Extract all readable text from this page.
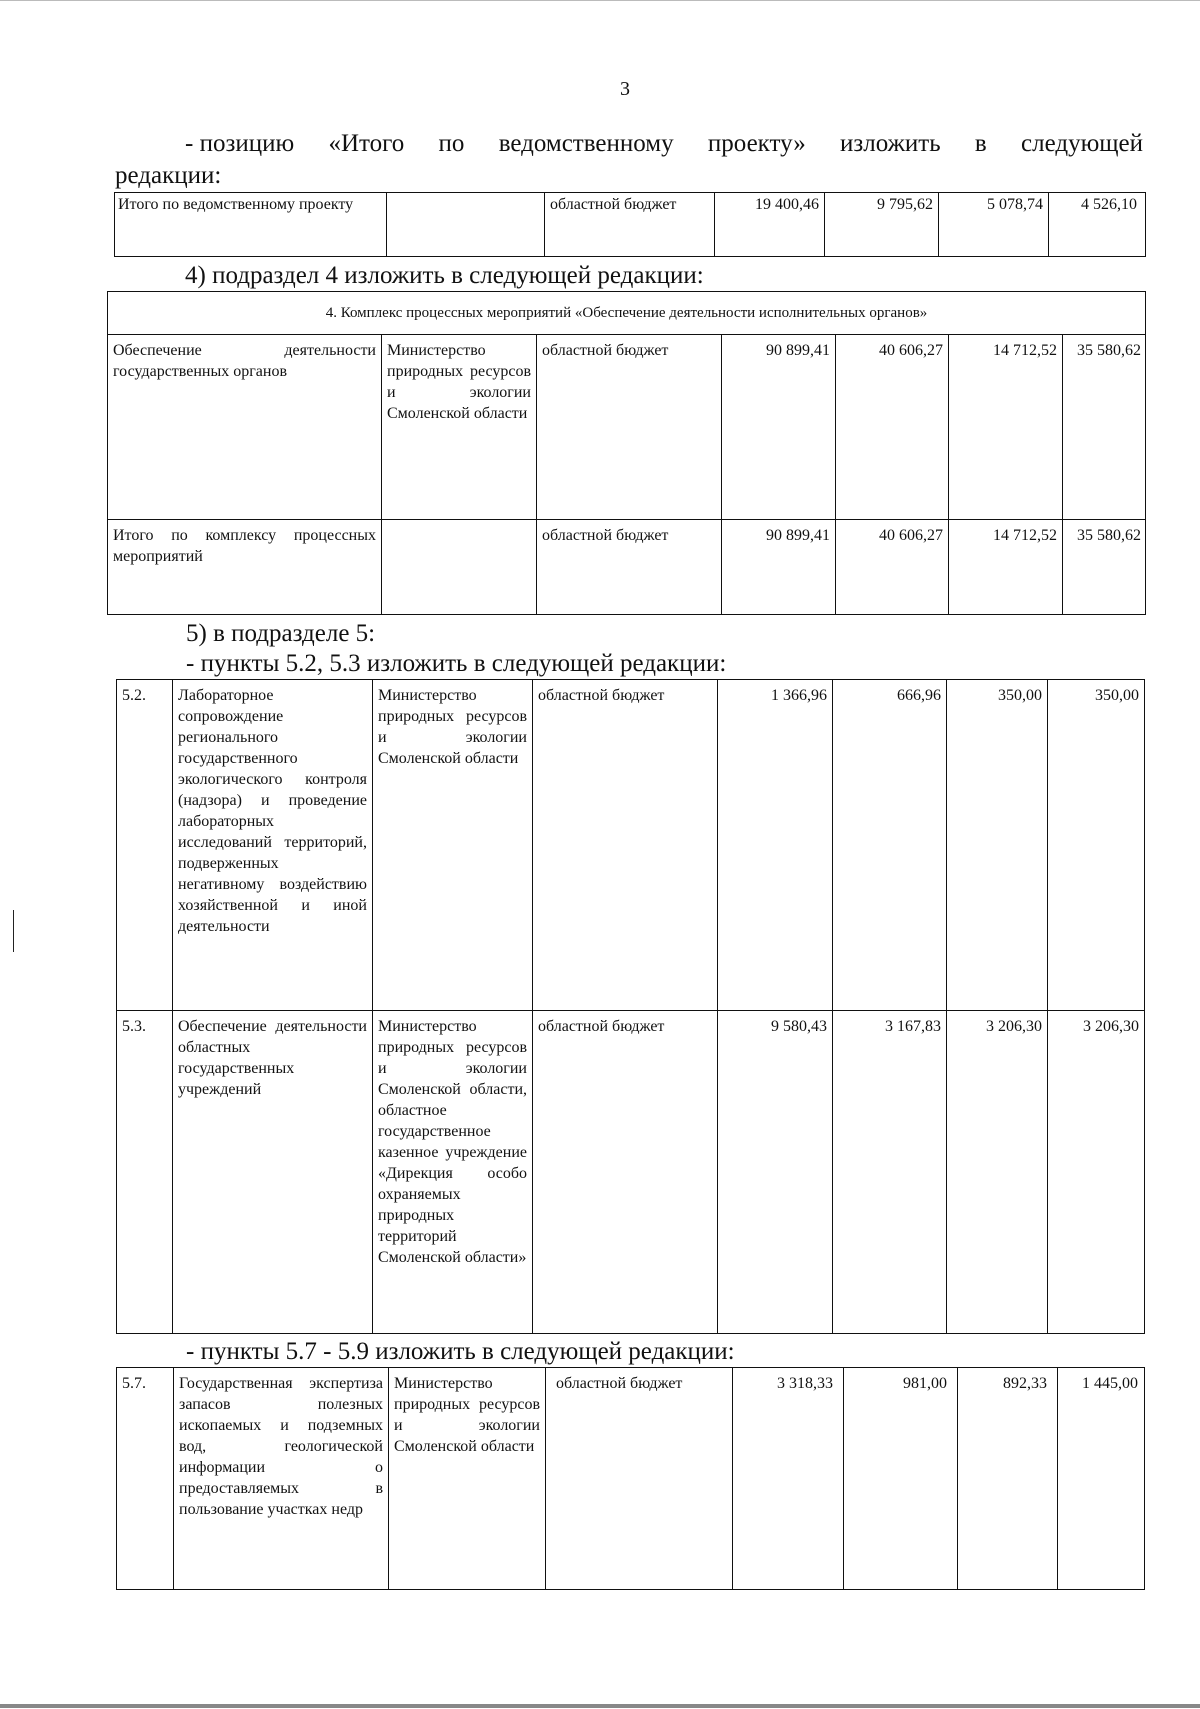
3
- позицию «Итого по ведомственному проекту» изложить в следующей
редакции:
Итого по ведомственному проекту		областной бюджет	19 400,46	9 795,62	5 078,74	4 526,10
4) подраздел 4 изложить в следующей редакции:
4. Комплекс процессных мероприятий «Обеспечение деятельности исполнительных органов»						
Обеспечение деятельности государственных органов	Министерство природных ресурсов и экологии Смоленской области	областной бюджет	90 899,41	40 606,27	14 712,52	35 580,62
Итого по комплексу процессных мероприятий		областной бюджет	90 899,41	40 606,27	14 712,52	35 580,62
5) в подразделе 5:
- пункты 5.2, 5.3 изложить в следующей редакции:
5.2.	Лабораторное сопровождение регионального государственного экологического контроля (надзора) и проведение лабораторных исследований территорий, подверженных негативному воздействию хозяйственной и иной деятельности	Министерство природных ресурсов и экологии Смоленской области	областной бюджет	1 366,96	666,96	350,00	350,00
5.3.	Обеспечение деятельности областных государственных учреждений	Министерство природных ресурсов и экологии Смоленской области, областное государственное казенное учреждение «Дирекция особо охраняемых природных территорий Смоленской области»	областной бюджет	9 580,43	3 167,83	3 206,30	3 206,30
- пункты 5.7 - 5.9 изложить в следующей редакции:
5.7.	Государственная экспертиза запасов полезных ископаемых и подземных вод, геологической информации о предоставляемых в пользование участках недр	Министерство природных ресурсов и экологии Смоленской области	областной бюджет	3 318,33	981,00	892,33	1 445,00
